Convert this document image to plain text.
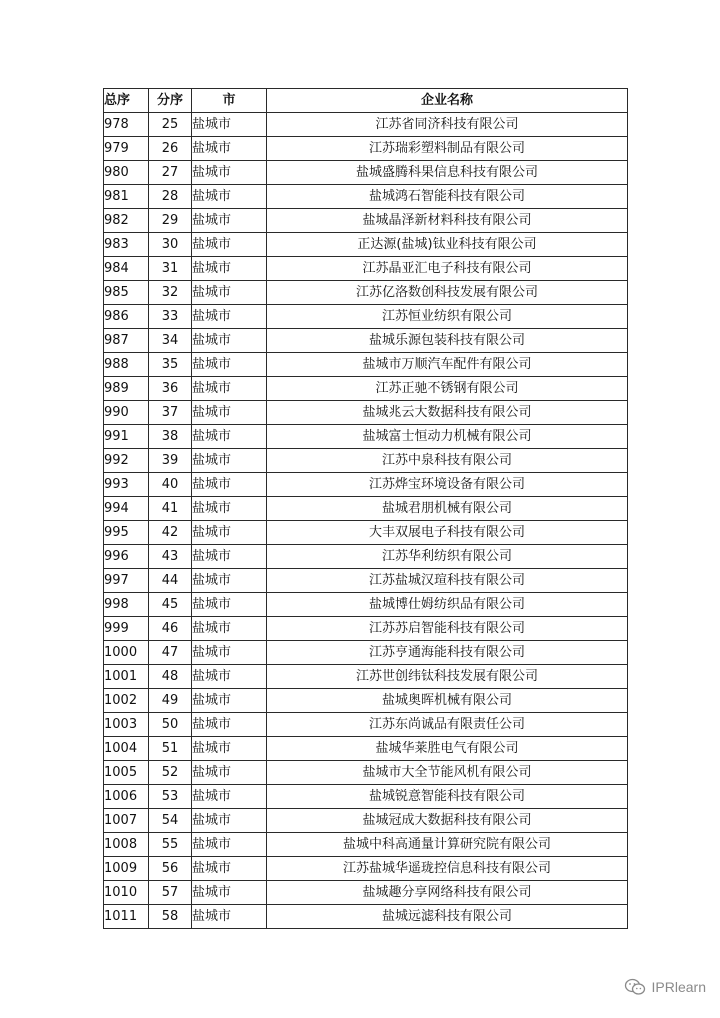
总序	分序	市	企业名称
978	25	盐城市	江苏省同济科技有限公司
979	26	盐城市	江苏瑞彩塑料制品有限公司
980	27	盐城市	盐城盛腾科果信息科技有限公司
981	28	盐城市	盐城鸿石智能科技有限公司
982	29	盐城市	盐城晶泽新材料科技有限公司
983	30	盐城市	正达源(盐城)钛业科技有限公司
984	31	盐城市	江苏晶亚汇电子科技有限公司
985	32	盐城市	江苏亿洛数创科技发展有限公司
986	33	盐城市	江苏恒业纺织有限公司
987	34	盐城市	盐城乐源包装科技有限公司
988	35	盐城市	盐城市万顺汽车配件有限公司
989	36	盐城市	江苏正驰不锈钢有限公司
990	37	盐城市	盐城兆云大数据科技有限公司
991	38	盐城市	盐城富士恒动力机械有限公司
992	39	盐城市	江苏中泉科技有限公司
993	40	盐城市	江苏烨宝环境设备有限公司
994	41	盐城市	盐城君朋机械有限公司
995	42	盐城市	大丰双展电子科技有限公司
996	43	盐城市	江苏华利纺织有限公司
997	44	盐城市	江苏盐城汉瑄科技有限公司
998	45	盐城市	盐城博仕姆纺织品有限公司
999	46	盐城市	江苏苏启智能科技有限公司
1000	47	盐城市	江苏亨通海能科技有限公司
1001	48	盐城市	江苏世创纬钛科技发展有限公司
1002	49	盐城市	盐城奥晖机械有限公司
1003	50	盐城市	江苏东尚诚品有限责任公司
1004	51	盐城市	盐城华莱胜电气有限公司
1005	52	盐城市	盐城市大全节能风机有限公司
1006	53	盐城市	盐城锐意智能科技有限公司
1007	54	盐城市	盐城冠成大数据科技有限公司
1008	55	盐城市	盐城中科高通量计算研究院有限公司
1009	56	盐城市	江苏盐城华遥珑控信息科技有限公司
1010	57	盐城市	盐城趣分享网络科技有限公司
1011	58	盐城市	盐城远滤科技有限公司
IPRlearn
